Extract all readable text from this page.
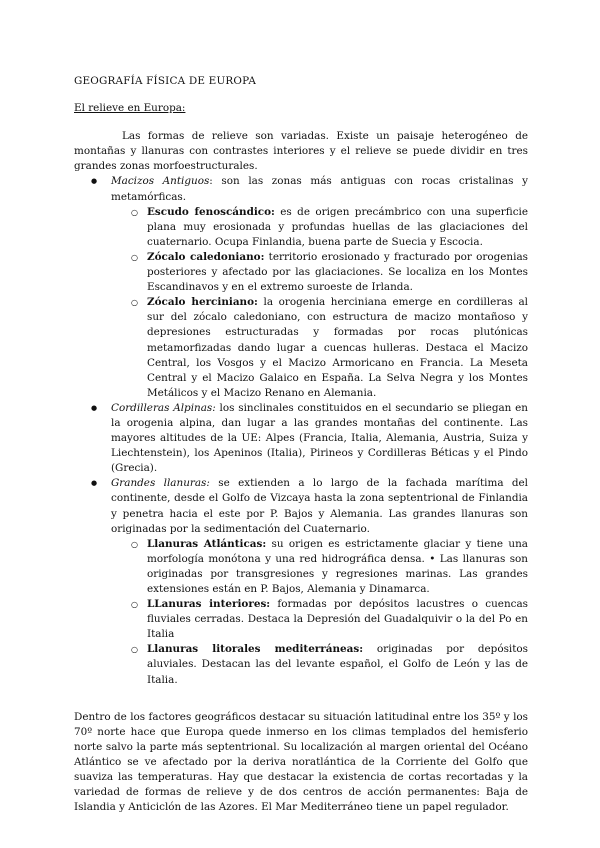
GEOGRAFÍA FÍSICA DE EUROPA

El relieve en Europa:

Las formas de relieve son variadas. Existe un paisaje heterogéneo de montañas y llanuras con contrastes interiores y el relieve se puede dividir en tres grandes zonas morfoestructurales.

● Macizos Antiguos: son las zonas más antiguas con rocas cristalinas y metamórficas.
○ Escudo fenoscándico: es de origen precámbrico con una superficie plana muy erosionada y profundas huellas de las glaciaciones del cuaternario. Ocupa Finlandia, buena parte de Suecia y Escocia.
○ Zócalo caledoniano: territorio erosionado y fracturado por orogenias posteriores y afectado por las glaciaciones. Se localiza en los Montes Escandinavos y en el extremo suroeste de Irlanda.
○ Zócalo herciniano: la orogenia herciniana emerge en cordilleras al sur del zócalo caledoniano, con estructura de macizo montañoso y depresiones estructuradas y formadas por rocas plutónicas metamorfizadas dando lugar a cuencas hulleras. Destaca el Macizo Central, los Vosgos y el Macizo Armoricano en Francia. La Meseta Central y el Macizo Galaico en España. La Selva Negra y los Montes Metálicos y el Macizo Renano en Alemania.
● Cordilleras Alpinas: los sinclinales constituidos en el secundario se pliegan en la orogenia alpina, dan lugar a las grandes montañas del continente. Las mayores altitudes de la UE: Alpes (Francia, Italia, Alemania, Austria, Suiza y Liechtenstein), los Apeninos (Italia), Pirineos y Cordilleras Béticas y el Pindo (Grecia).
● Grandes llanuras: se extienden a lo largo de la fachada marítima del continente, desde el Golfo de Vizcaya hasta la zona septentrional de Finlandia y penetra hacia el este por P. Bajos y Alemania. Las grandes llanuras son originadas por la sedimentación del Cuaternario.
○ Llanuras Atlánticas: su origen es estrictamente glaciar y tiene una morfología monótona y una red hidrográfica densa. • Las llanuras son originadas por transgresiones y regresiones marinas. Las grandes extensiones están en P. Bajos, Alemania y Dinamarca.
○ LLanuras interiores: formadas por depósitos lacustres o cuencas fluviales cerradas. Destaca la Depresión del Guadalquivir o la del Po en Italia
○ Llanuras litorales mediterráneas: originadas por depósitos aluviales. Destacan las del levante español, el Golfo de León y las de Italia.

Dentro de los factores geográficos destacar su situación latitudinal entre los 35º y los 70º norte hace que Europa quede inmerso en los climas templados del hemisferio norte salvo la parte más septentrional. Su localización al margen oriental del Océano Atlántico se ve afectado por la deriva noratlántica de la Corriente del Golfo que suaviza las temperaturas. Hay que destacar la existencia de cortas recortadas y la variedad de formas de relieve y de dos centros de acción permanentes: Baja de Islandia y Anticiclón de las Azores. El Mar Mediterráneo tiene un papel regulador.
